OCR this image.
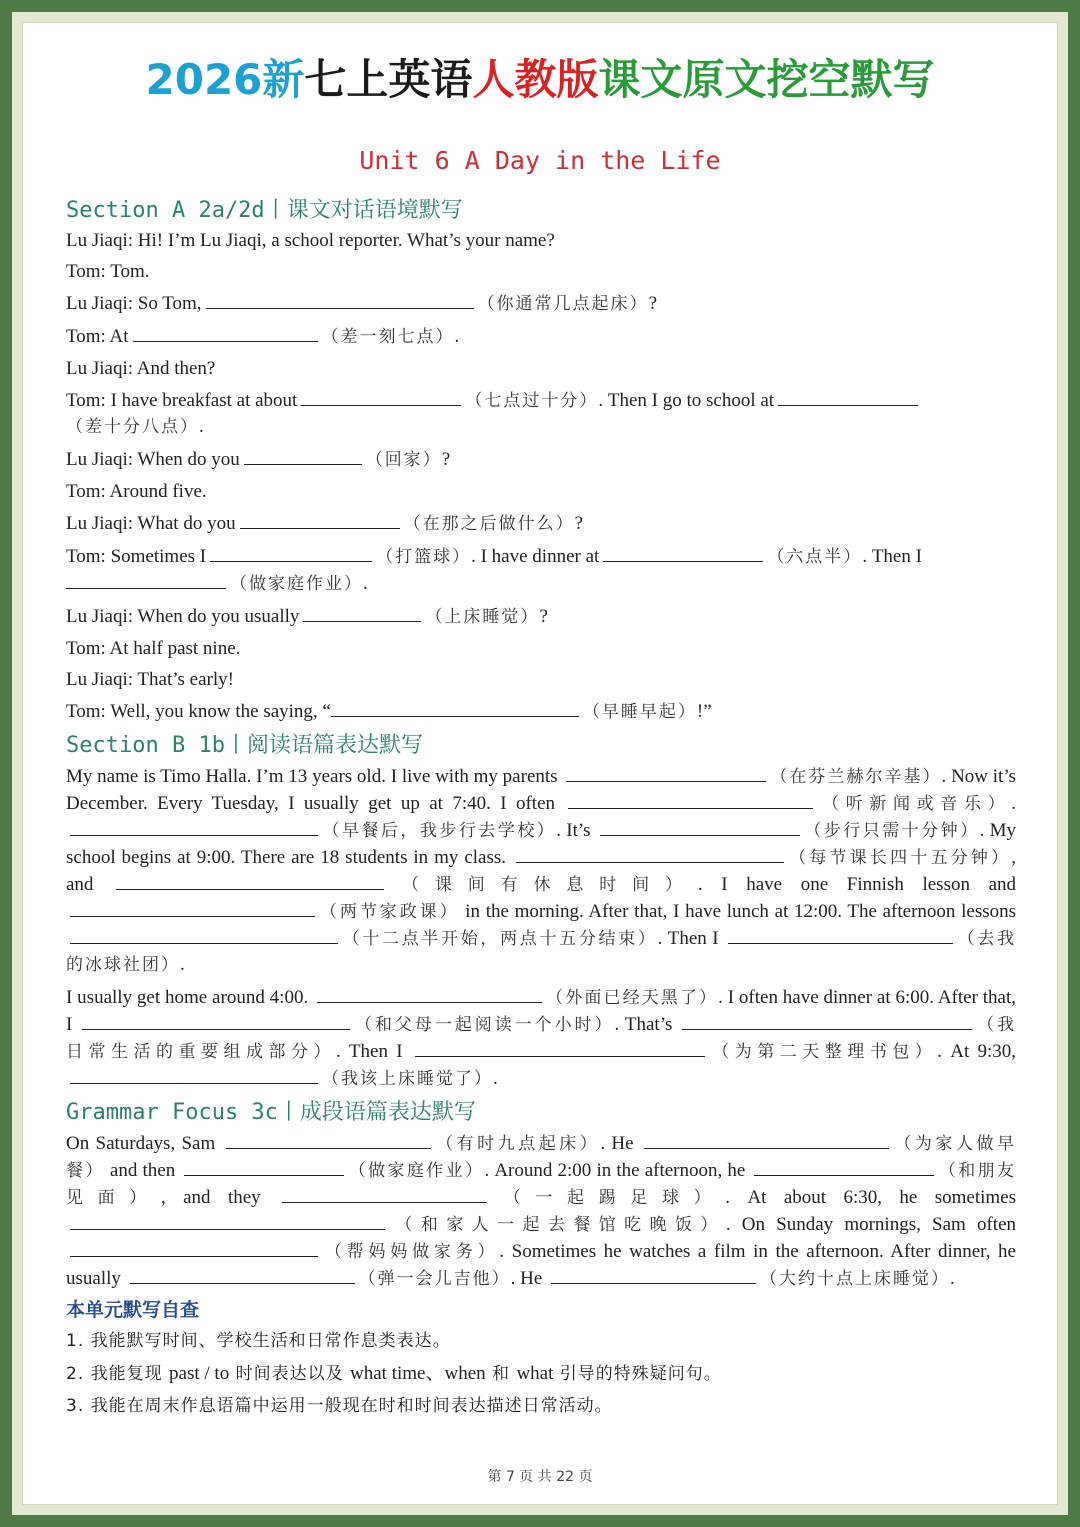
2026新七上英语人教版课文原文挖空默写
Unit 6 A Day in the Life
Section A 2a/2d丨课文对话语境默写
Lu Jiaqi: Hi! I’m Lu Jiaqi, a school reporter. What’s your name?
Tom: Tom.
Lu Jiaqi: So Tom,	（你通常几点起床）?
Tom: At	（差一刻七点）.
Lu Jiaqi: And then?
Tom: I have breakfast at about	（七点过十分）. Then I go to school at
（差十分八点）.
Lu Jiaqi: When do you	（回家）?
Tom: Around five.
Lu Jiaqi: What do you	（在那之后做什么）?
Tom: Sometimes I	（打篮球）. I have dinner at	（六点半）. Then I
（做家庭作业）.
Lu Jiaqi: When do you usually	（上床睡觉）?
Tom: At half past nine.
Lu Jiaqi: That’s early!
Tom: Well, you know the saying, “	（早睡早起）!”
Section B 1b丨阅读语篇表达默写
My name is Timo Halla. I’m 13 years old. I live with my parents	（在芬兰赫尔辛基）. Now it’s December. Every Tuesday, I usually get up at 7:40. I often	（听新闻或音乐）. （早餐后，我步行去学校）. It’s	（步行只需十分钟）. My school begins at 9:00. There are 18 students in my class.	（每节课长四十五分钟）, and	（课间有休息时间）. I have one Finnish lesson and （两节家政课） in the morning. After that, I have lunch at 12:00. The afternoon lessons （十二点半开始，两点十五分结束）. Then I	（去我的冰球社团）.
I usually get home around 4:00.	（外面已经天黑了）. I often have dinner at 6:00. After that, I	（和父母一起阅读一个小时）. That’s	（我日常生活的重要组成部分）. Then I	（为第二天整理书包）. At 9:30, （我该上床睡觉了）.
Grammar Focus 3c丨成段语篇表达默写
On Saturdays, Sam	（有时九点起床）. He	（为家人做早餐） and then	（做家庭作业）. Around 2:00 in the afternoon, he	（和朋友见面）, and they	（一起踢足球）. At about 6:30, he sometimes （和家人一起去餐馆吃晚饭）. On Sunday mornings, Sam often （帮妈妈做家务）. Sometimes he watches a film in the afternoon. After dinner, he usually	（弹一会儿吉他）. He	（大约十点上床睡觉）.
本单元默写自查
1. 我能默写时间、学校生活和日常作息类表达。
2. 我能复现 past / to 时间表达以及 what time、when 和 what 引导的特殊疑问句。
3. 我能在周末作息语篇中运用一般现在时和时间表达描述日常活动。
第 7 页 共 22 页
